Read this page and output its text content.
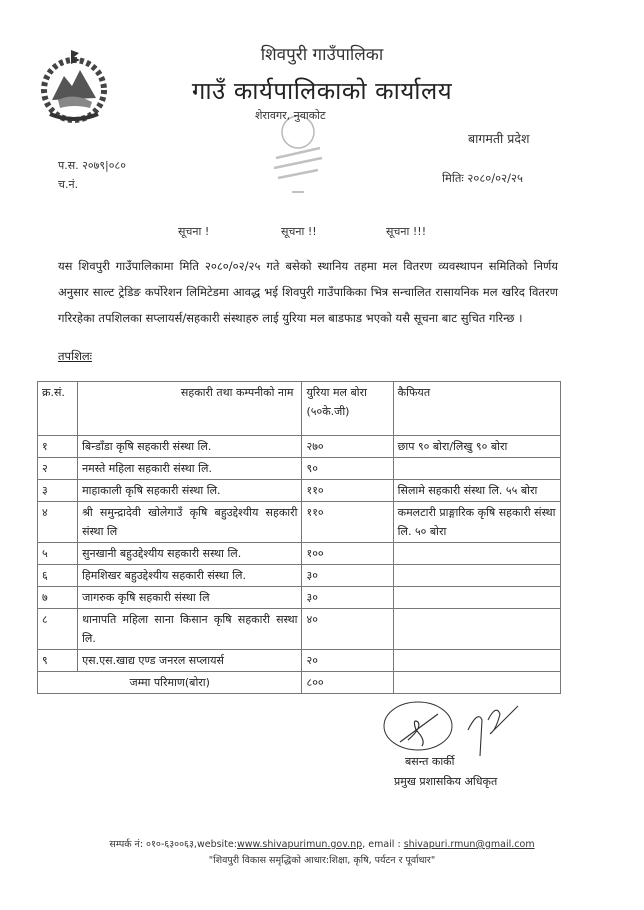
शिवपुरी गाउँपालिका
गाउँ कार्यपालिकाको कार्यालय
शेरावगर, नुवाकोट
बागमती प्रदेश
प.स. २०७९|०८०
च.नं.	मितिः २०८०/०२/२५
सूचना !	सूचना !!	सूचना !!!
यस शिवपुरी गाउँपालिकामा मिति २०८०/०२/२५ गते बसेको स्थानिय तहमा मल वितरण व्यवस्थापन समितिको निर्णय अनुसार साल्ट ट्रेडिङ कर्पोरेशन लिमिटेडमा आवद्ध भई शिवपुरी गाउँपाकिका भित्र सन्चालित रासायनिक मल खरिद वितरण गरिरहेका तपशिलका सप्लायर्स/सहकारी संस्थाहरु लाई युरिया मल बाडफाड भएको यसै सूचना बाट सुचित गरिन्छ ।
तपशिलः
क्र.सं.	सहकारी तथा कम्पनीको नाम	युरिया मल बोरा (५०के.जी)	कैफियत
१	बिन्डाँडा कृषि सहकारी संस्था लि.	२७०	छाप ९० बोरा/लिखु ९० बोरा
२	नमस्ते महिला सहकारी संस्था लि.	९०	
३	माहाकाली कृषि सहकारी संस्था लि.	११०	सिलामे सहकारी संस्था लि. ५५ बोरा
४	श्री समुन्द्रादेवी खोलेगाउँ कृषि बहुउद्देश्यीय सहकारी संस्था लि	११०	कमलटारी प्राङ्गारिक कृषि सहकारी संस्था लि. ५० बोरा
५	सुनखानी बहुउद्देश्यीय सहकारी सस्था लि.	१००	
६	हिमशिखर बहुउद्देश्यीय सहकारी संस्था लि.	३०	
७	जागरुक कृषि सहकारी संस्था लि	३०	
८	थानापति महिला साना किसान कृषि सहकारी सस्था लि.	४०	
९	एस.एस.खाद्य एण्ड जनरल सप्लायर्स	२०	
जम्मा परिमाण(बोरा)		८००	
बसन्त कार्की
प्रमुख प्रशासकिय अधिकृत
सम्पर्क नं: ०१०-६३००६३,website:www.shivapurimun.gov.np, email : shivapuri.rmun@gmail.com
"शिवपुरी विकास समृद्धिको आधार:शिक्षा, कृषि, पर्यटन र पूर्वाधार"
